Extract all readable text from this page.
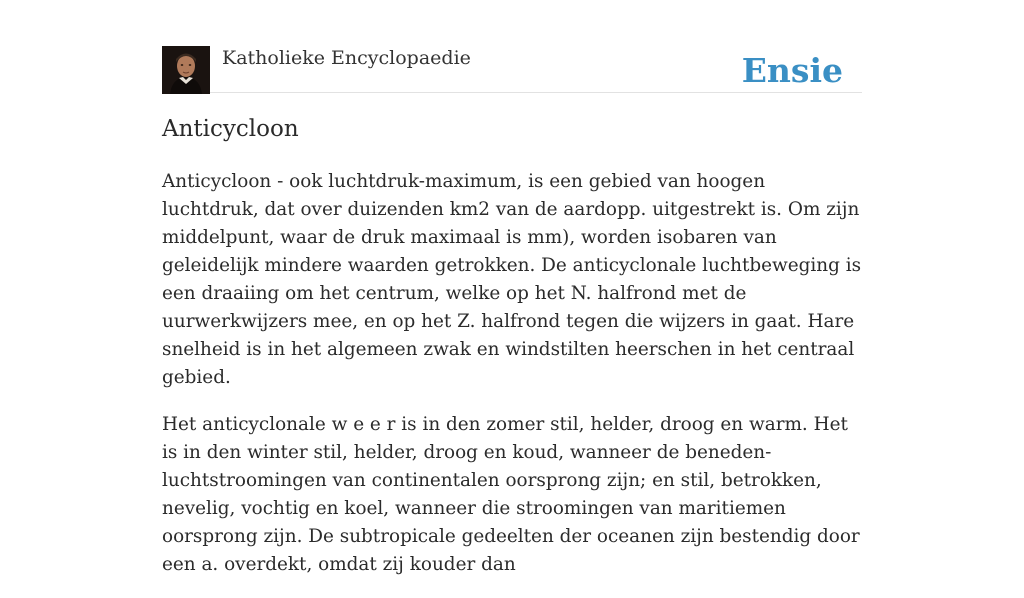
Katholieke Encyclopaedie	Ensie
Anticycloon

Anticycloon - ook luchtdruk-maximum, is een gebied van hoogen luchtdruk, dat over duizenden km2 van de aardopp. uitgestrekt is. Om zijn middelpunt, waar de druk maximaal is mm), worden isobaren van geleidelijk mindere waarden getrokken. De anticyclonale luchtbeweging is een draaiing om het centrum, welke op het N. halfrond met de uurwerkwijzers mee, en op het Z. halfrond tegen die wijzers in gaat. Hare snelheid is in het algemeen zwak en windstilten heerschen in het centraal gebied.

Het anticyclonale w e e r is in den zomer stil, helder, droog en warm. Het is in den winter stil, helder, droog en koud, wanneer de beneden-luchtstroomingen van continentalen oorsprong zijn; en stil, betrokken, nevelig, vochtig en koel, wanneer die stroomingen van maritiemen oorsprong zijn. De subtropicale gedeelten der oceanen zijn bestendig door een a. overdekt, omdat zij kouder dan
